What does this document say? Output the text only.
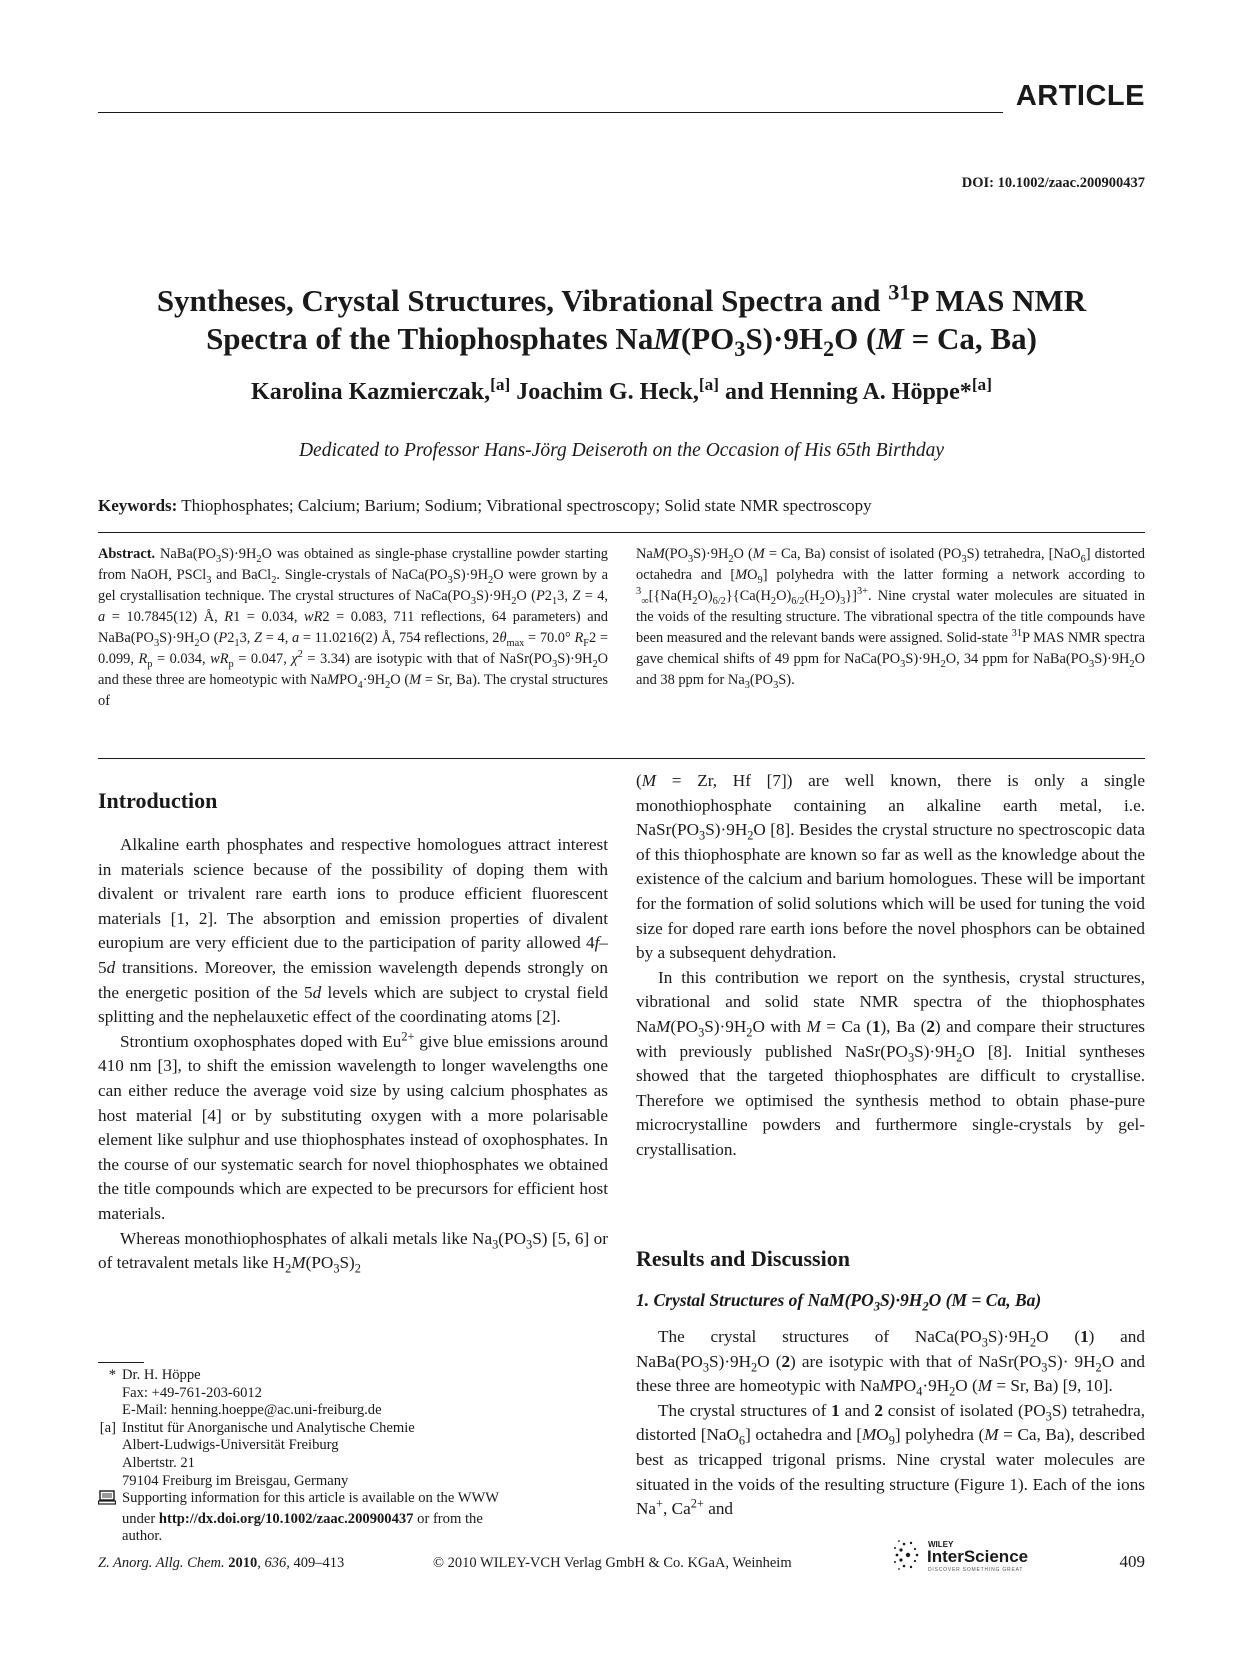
ARTICLE
DOI: 10.1002/zaac.200900437
Syntheses, Crystal Structures, Vibrational Spectra and $^{31}$P MAS NMR
Spectra of the Thiophosphates $NaM(PO_3S)\cdot 9H_2O$ (M = Ca, Ba)
Karolina Kazmierczak,[a] Joachim G. Heck,[a] and Henning A. Höppe*[a]
Dedicated to Professor Hans-Jörg Deiseroth on the Occasion of His 65th Birthday
Keywords: Thiophosphates; Calcium; Barium; Sodium; Vibrational spectroscopy; Solid state NMR spectroscopy
Abstract. $NaBa(PO_3S)\cdot 9H_2O$ was obtained as single-phase crystalline powder starting from NaOH, PSCl$_3$ and BaCl$_2$. Single-crystals of $NaCa(PO_3S)\cdot 9H_2O$ were grown by a gel crystallisation technique. The crystal structures of $NaCa(PO_3S)\cdot 9H_2O$ ($P2_13$, Z = 4, a = 10.7845(12) Å, R1 = 0.034, wR2 = 0.083, 711 reflections, 64 parameters) and $NaBa(PO_3S)\cdot 9H_2O$ ($P2_13$, Z = 4, a = 11.0216(2) Å, 754 reflections, $2\theta_{max} = 70.0^\circ$ $R_F2 = 0.099$, $R_p = 0.034$, $wR_p = 0.047$, $\chi^2 = 3.34$) are isotypic with that of $NaSr(PO_3S)\cdot 9H_2O$ and these three are homeotypic with $NaMPO_4\cdot 9H_2O$ (M = Sr, Ba). The crystal structures of
$NaM(PO_3S)\cdot 9H_2O$ (M = Ca, Ba) consist of isolated $(PO_3S)$ tetrahedra, [NaO$_6$] distorted octahedra and $[MO_9]$ polyhedra with the latter forming a network according to $^3_\infty[\{Na(H_2O)_{6/2}\}\{Ca(H_2O)_{6/2}(H_2O)_3\}]^{3+}$. Nine crystal water molecules are situated in the voids of the resulting structure. The vibrational spectra of the title compounds have been measured and the relevant bands were assigned. Solid-state $^{31}$P MAS NMR spectra gave chemical shifts of 49 ppm for $NaCa(PO_3S)\cdot 9H_2O$, 34 ppm for $NaBa(PO_3S)\cdot 9H_2O$ and 38 ppm for $Na_3(PO_3S)$.
Introduction

Alkaline earth phosphates and respective homologues attract interest in materials science because of the possibility of doping them with divalent or trivalent rare earth ions to produce efficient fluorescent materials [1, 2]. The absorption and emission properties of divalent europium are very efficient due to the participation of parity allowed 4f–5d transitions. Moreover, the emission wavelength depends strongly on the energetic position of the 5d levels which are subject to crystal field splitting and the nephelauxetic effect of the coordinating atoms [2].

Strontium oxophosphates doped with $Eu^{2+}$ give blue emissions around 410 nm [3], to shift the emission wavelength to longer wavelengths one can either reduce the average void size by using calcium phosphates as host material [4] or by substituting oxygen with a more polarisable element like sulphur and use thiophosphates instead of oxophosphates. In the course of our systematic search for novel thiophosphates we obtained the title compounds which are expected to be precursors for efficient host materials.

Whereas monothiophosphates of alkali metals like $Na_3(PO_3S)$ [5, 6] or of tetravalent metals like $H_2M(PO_3S)_2$

* Dr. H. Höppe
Fax: +49-761-203-6012
E-Mail: henning.hoeppe@ac.uni-freiburg.de
[a] Institut für Anorganische und Analytische Chemie
Albert-Ludwigs-Universität Freiburg
Albertstr. 21
79104 Freiburg im Breisgau, Germany
Supporting information for this article is available on the WWW
under http://dx.doi.org/10.1002/zaac.200900437 or from the
author.

(M = Zr, Hf [7]) are well known, there is only a single monothiophosphate containing an alkaline earth metal, i.e. $NaSr(PO_3S)\cdot 9H_2O$ [8]. Besides the crystal structure no spectroscopic data of this thiophosphate are known so far as well as the knowledge about the existence of the calcium and barium homologues. These will be important for the formation of solid solutions which will be used for tuning the void size for doped rare earth ions before the novel phosphors can be obtained by a subsequent dehydration.

In this contribution we report on the synthesis, crystal structures, vibrational and solid state NMR spectra of the thiophosphates $NaM(PO_3S)\cdot 9H_2O$ with M = Ca (1), Ba (2) and compare their structures with previously published $NaSr(PO_3S)\cdot 9H_2O$ [8]. Initial syntheses showed that the targeted thiophosphates are difficult to crystallise. Therefore we optimised the synthesis method to obtain phase-pure microcrystalline powders and furthermore single-crystals by gel-crystallisation.

Results and Discussion
1. Crystal Structures of $NaM(PO_3S)\cdot 9H_2O$ (M = Ca, Ba)

The crystal structures of $NaCa(PO_3S)\cdot 9H_2O$ (1) and $NaBa(PO_3S)\cdot 9H_2O$ (2) are isotypic with that of $NaSr(PO_3S)\cdot 9H_2O$ and these three are homeotypic with $NaMPO_4\cdot 9H_2O$ (M = Sr, Ba) [9, 10].

The crystal structures of 1 and 2 consist of isolated $(PO_3S)$ tetrahedra, distorted [NaO$_6$] octahedra and $[MO_9]$ polyhedra (M = Ca, Ba), described best as tricapped trigonal prisms. Nine crystal water molecules are situated in the voids of the resulting structure (Figure 1). Each of the ions Na+, $Ca^{2+}$ and

Z. Anorg. Allg. Chem. 2010, 636, 409–413	© 2010 WILEY-VCH Verlag GmbH & Co. KGaA, Weinheim
WILEY
InterScience
DISCOVER SOMETHING GREAT	409
